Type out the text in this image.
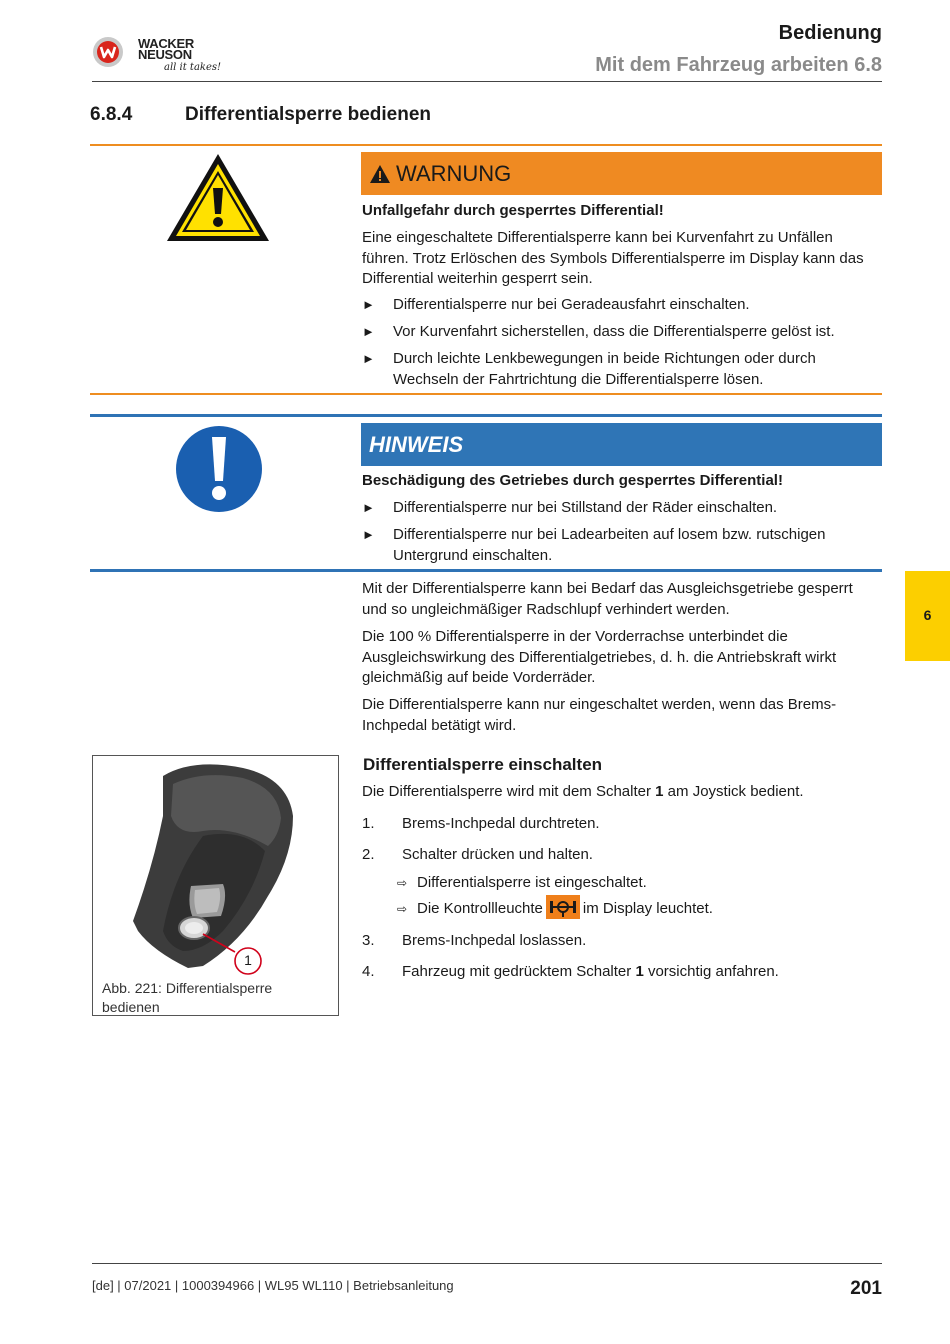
WACKER
NEUSON
all it takes!
Bedienung
Mit dem Fahrzeug arbeiten 6.8
6.8.4	Differentialsperre bedienen
WARNUNG
Unfallgefahr durch gesperrtes Differential!
Eine eingeschaltete Differentialsperre kann bei Kurvenfahrt zu Unfällen führen. Trotz Erlöschen des Symbols Differentialsperre im Display kann das Differential weiterhin gesperrt sein.
► Differentialsperre nur bei Geradeausfahrt einschalten.
► Vor Kurvenfahrt sicherstellen, dass die Differentialsperre gelöst ist.
► Durch leichte Lenkbewegungen in beide Richtungen oder durch Wechseln der Fahrtrichtung die Differentialsperre lösen.
HINWEIS
Beschädigung des Getriebes durch gesperrtes Differential!
► Differentialsperre nur bei Stillstand der Räder einschalten.
► Differentialsperre nur bei Ladearbeiten auf losem bzw. rutschigen Untergrund einschalten.
Mit der Differentialsperre kann bei Bedarf das Ausgleichsgetriebe gesperrt und so ungleichmäßiger Radschlupf verhindert werden.
Die 100 % Differentialsperre in der Vorderrachse unterbindet die Ausgleichswirkung des Differentialgetriebes, d. h. die Antriebskraft wirkt gleichmäßig auf beide Vorderräder.
Die Differentialsperre kann nur eingeschaltet werden, wenn das Brems-Inchpedal betätigt wird.
6
1
Abb. 221: Differentialsperre bedienen
Differentialsperre einschalten
Die Differentialsperre wird mit dem Schalter 1 am Joystick bedient.
1. Brems-Inchpedal durchtreten.
2. Schalter drücken und halten.
⇨ Differentialsperre ist eingeschaltet.
⇨ Die Kontrollleuchte	im Display leuchtet.
3. Brems-Inchpedal loslassen.
4. Fahrzeug mit gedrücktem Schalter 1 vorsichtig anfahren.
[de] | 07/2021 | 1000394966 | WL95 WL110 | Betriebsanleitung	201
